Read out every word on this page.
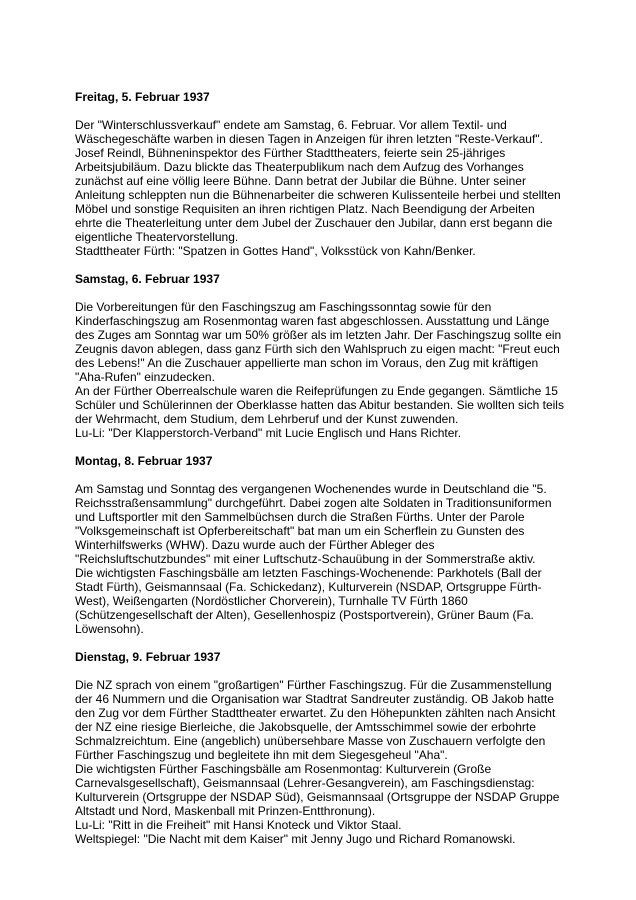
Freitag, 5. Februar 1937

Der "Winterschlussverkauf" endete am Samstag, 6. Februar. Vor allem Textil- und Wäschegeschäfte warben in diesen Tagen in Anzeigen für ihren letzten "Reste-Verkauf". Josef Reindl, Bühneninspektor des Fürther Stadttheaters, feierte sein 25-jähriges Arbeitsjubiläum. Dazu blickte das Theaterpublikum nach dem Aufzug des Vorhanges zunächst auf eine völlig leere Bühne. Dann betrat der Jubilar die Bühne. Unter seiner Anleitung schleppten nun die Bühnenarbeiter die schweren Kulissenteile herbei und stellten Möbel und sonstige Requisiten an ihren richtigen Platz. Nach Beendigung der Arbeiten ehrte die Theaterleitung unter dem Jubel der Zuschauer den Jubilar, dann erst begann die eigentliche Theatervorstellung.

Stadttheater Fürth: "Spatzen in Gottes Hand", Volksstück von Kahn/Benker.

Samstag, 6. Februar 1937

Die Vorbereitungen für den Faschingszug am Faschingssonntag sowie für den Kinderfaschingszug am Rosenmontag waren fast abgeschlossen. Ausstattung und Länge des Zuges am Sonntag war um 50% größer als im letzten Jahr. Der Faschingszug sollte ein Zeugnis davon ablegen, dass ganz Fürth sich den Wahlspruch zu eigen macht: "Freut euch des Lebens!" An die Zuschauer appellierte man schon im Voraus, den Zug mit kräftigen "Aha-Rufen" einzudecken.

An der Fürther Oberrealschule waren die Reifeprüfungen zu Ende gegangen. Sämtliche 15 Schüler und Schülerinnen der Oberklasse hatten das Abitur bestanden. Sie wollten sich teils der Wehrmacht, dem Studium, dem Lehrberuf und der Kunst zuwenden.

Lu-Li: "Der Klapperstorch-Verband" mit Lucie Englisch und Hans Richter.

Montag, 8. Februar 1937

Am Samstag und Sonntag des vergangenen Wochenendes wurde in Deutschland die "5. Reichsstraßensammlung" durchgeführt. Dabei zogen alte Soldaten in Traditionsuniformen und Luftsportler mit den Sammelbüchsen durch die Straßen Fürths. Unter der Parole "Volksgemeinschaft ist Opferbereitschaft" bat man um ein Scherflein zu Gunsten des Winterhilfswerks (WHW). Dazu wurde auch der Fürther Ableger des "Reichsluftschutzbundes" mit einer Luftschutz-Schauübung in der Sommerstraße aktiv.

Die wichtigsten Faschingsbälle am letzten Faschings-Wochenende: Parkhotels (Ball der Stadt Fürth), Geismannsaal (Fa. Schickedanz), Kulturverein (NSDAP, Ortsgruppe Fürth-West), Weißengarten (Nordöstlicher Chorverein), Turnhalle TV Fürth 1860 (Schützengesellschaft der Alten), Gesellenhospiz (Postsportverein), Grüner Baum (Fa. Löwensohn).

Dienstag, 9. Februar 1937

Die NZ sprach von einem "großartigen" Fürther Faschingszug. Für die Zusammenstellung der 46 Nummern und die Organisation war Stadtrat Sandreuter zuständig. OB Jakob hatte den Zug vor dem Fürther Stadttheater erwartet. Zu den Höhepunkten zählten nach Ansicht der NZ eine riesige Bierleiche, die Jakobsquelle, der Amtsschimmel sowie der erbohrte Schmalzreichtum. Eine (angeblich) unübersehbare Masse von Zuschauern verfolgte den Fürther Faschingszug und begleitete ihn mit dem Siegesgeheul "Aha".

Die wichtigsten Fürther Faschingsbälle am Rosenmontag: Kulturverein (Große Carnevalsgesellschaft), Geismannsaal (Lehrer-Gesangverein), am Faschingsdienstag: Kulturverein (Ortsgruppe der NSDAP Süd), Geismannsaal (Ortsgruppe der NSDAP Gruppe Altstadt und Nord, Maskenball mit Prinzen-Entthronung).

Lu-Li: "Ritt in die Freiheit" mit Hansi Knoteck und Viktor Staal.

Weltspiegel: "Die Nacht mit dem Kaiser" mit Jenny Jugo und Richard Romanowski.
